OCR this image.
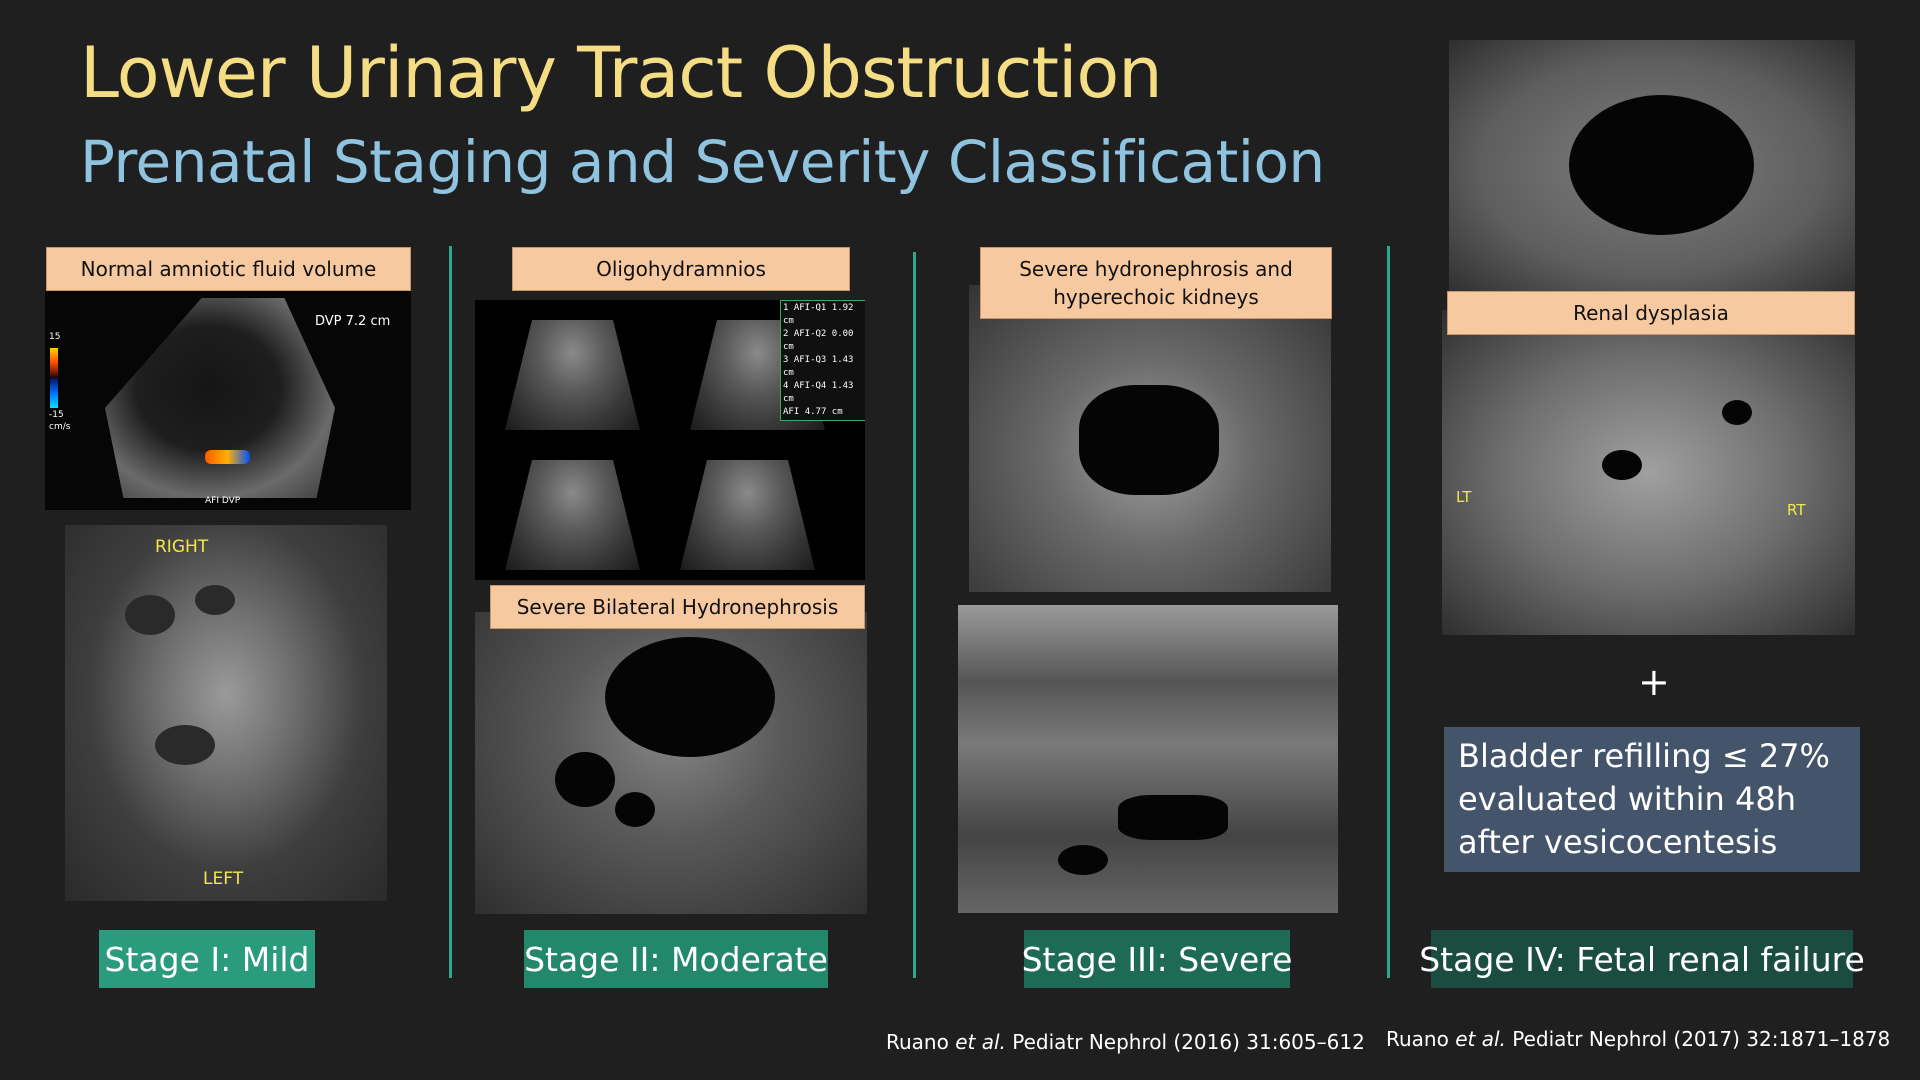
Lower Urinary Tract Obstruction
Prenatal Staging and Severity Classification
15
-15
cm/s
DVP 7.2 cm
AFI DVP
Normal amniotic fluid volume
RIGHT
LEFT
Stage I: Mild
1 AFI-Q1 1.92 cm
2 AFI-Q2 0.00 cm
3 AFI-Q3 1.43 cm
4 AFI-Q4 1.43 cm
AFI 4.77 cm
Oligohydramnios
Severe Bilateral Hydronephrosis
Stage II: Moderate
Severe hydronephrosis and hyperechoic kidneys
Stage III: Severe
LT
RT
Renal dysplasia
+
Bladder refilling ≤ 27% evaluated within 48h after vesicocentesis
Stage IV: Fetal renal failure
Ruano et al. Pediatr Nephrol (2016) 31:605–612 Ruano et al. Pediatr Nephrol (2017) 32:1871–1878
